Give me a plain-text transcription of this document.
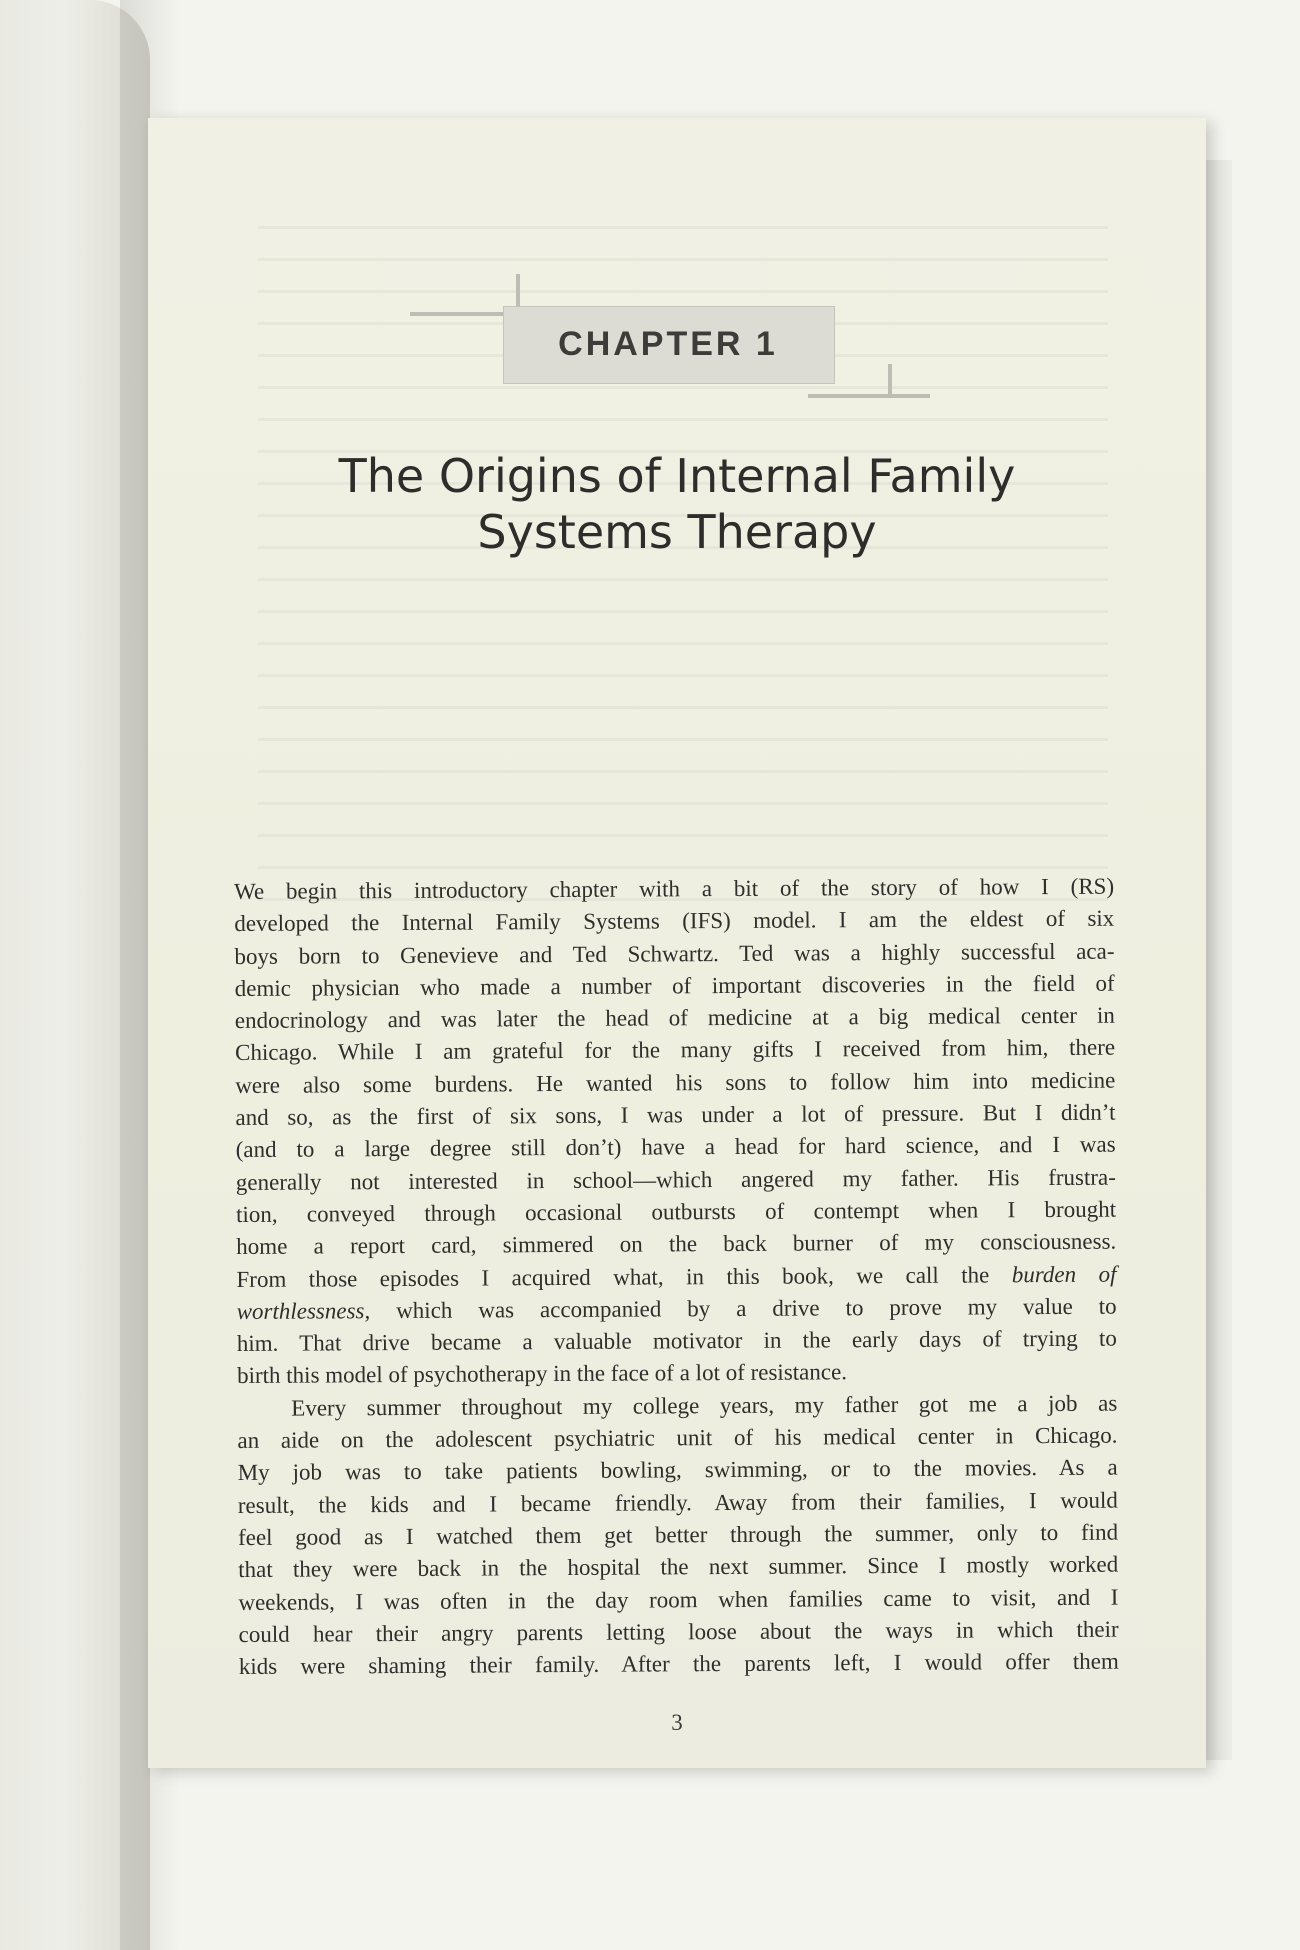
CHAPTER 1
The Origins of Internal Family
Systems Therapy
We begin this introductory chapter with a bit of the story of how I (RS)
developed the Internal Family Systems (IFS) model. I am the eldest of six
boys born to Genevieve and Ted Schwartz. Ted was a highly successful aca-
demic physician who made a number of important discoveries in the field of
endocrinology and was later the head of medicine at a big medical center in
Chicago. While I am grateful for the many gifts I received from him, there
were also some burdens. He wanted his sons to follow him into medicine
and so, as the first of six sons, I was under a lot of pressure. But I didn’t
(and to a large degree still don’t) have a head for hard science, and I was
generally not interested in school—which angered my father. His frustra-
tion, conveyed through occasional outbursts of contempt when I brought
home a report card, simmered on the back burner of my consciousness.
From those episodes I acquired what, in this book, we call the burden of
worthlessness, which was accompanied by a drive to prove my value to
him. That drive became a valuable motivator in the early days of trying to
birth this model of psychotherapy in the face of a lot of resistance.
Every summer throughout my college years, my father got me a job as
an aide on the adolescent psychiatric unit of his medical center in Chicago.
My job was to take patients bowling, swimming, or to the movies. As a
result, the kids and I became friendly. Away from their families, I would
feel good as I watched them get better through the summer, only to find
that they were back in the hospital the next summer. Since I mostly worked
weekends, I was often in the day room when families came to visit, and I
could hear their angry parents letting loose about the ways in which their
kids were shaming their family. After the parents left, I would offer them
3
